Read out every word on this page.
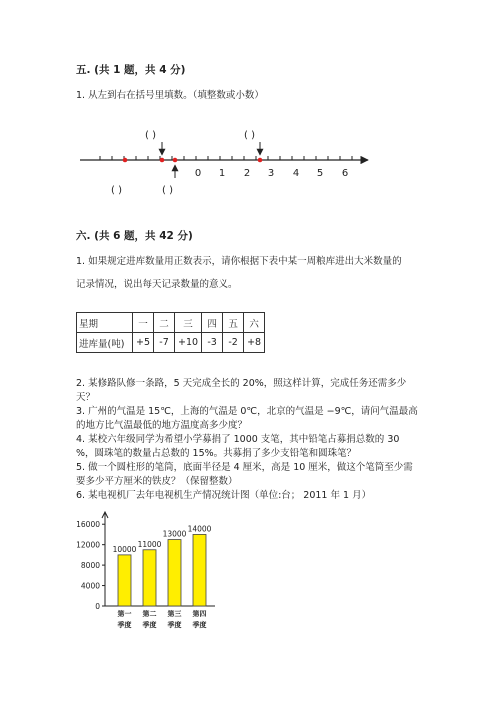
五. (共 1 题，共 4 分)
1. 从左到右在括号里填数。（填整数或小数）
0 1 2 3 4 5 6
( )	( )
( )	( )
六. (共 6 题，共 42 分)
1. 如果规定进库数量用正数表示，请你根据下表中某一周粮库进出大米数量的
记录情况，说出每天记录数量的意义。
星期	一	二	三	四	五	六
进库量(吨)	+5	-7	+10	-3	-2	+8
2. 某修路队修一条路，5 天完成全长的 20%，照这样计算，完成任务还需多少
天？
3. 广州的气温是 15℃，上海的气温是 0℃，北京的气温是 −9℃，请问气温最高
的地方比气温最低的地方温度高多少度？
4. 某校六年级同学为希望小学募捐了 1000 支笔，其中铅笔占募捐总数的 30
%，圆珠笔的数量占总数的 15%。共募捐了多少支铅笔和圆珠笔？
5. 做一个圆柱形的笔筒，底面半径是 4 厘米，高是 10 厘米，做这个笔筒至少需
要多少平方厘米的铁皮？（保留整数）
6. 某电视机厂去年电视机生产情况统计图（单位:台； 2011 年 1 月）
0
4000
8000
12000
16000
10000
第一
季度
11000
第二
季度
13000
第三
季度
14000
第四
季度
